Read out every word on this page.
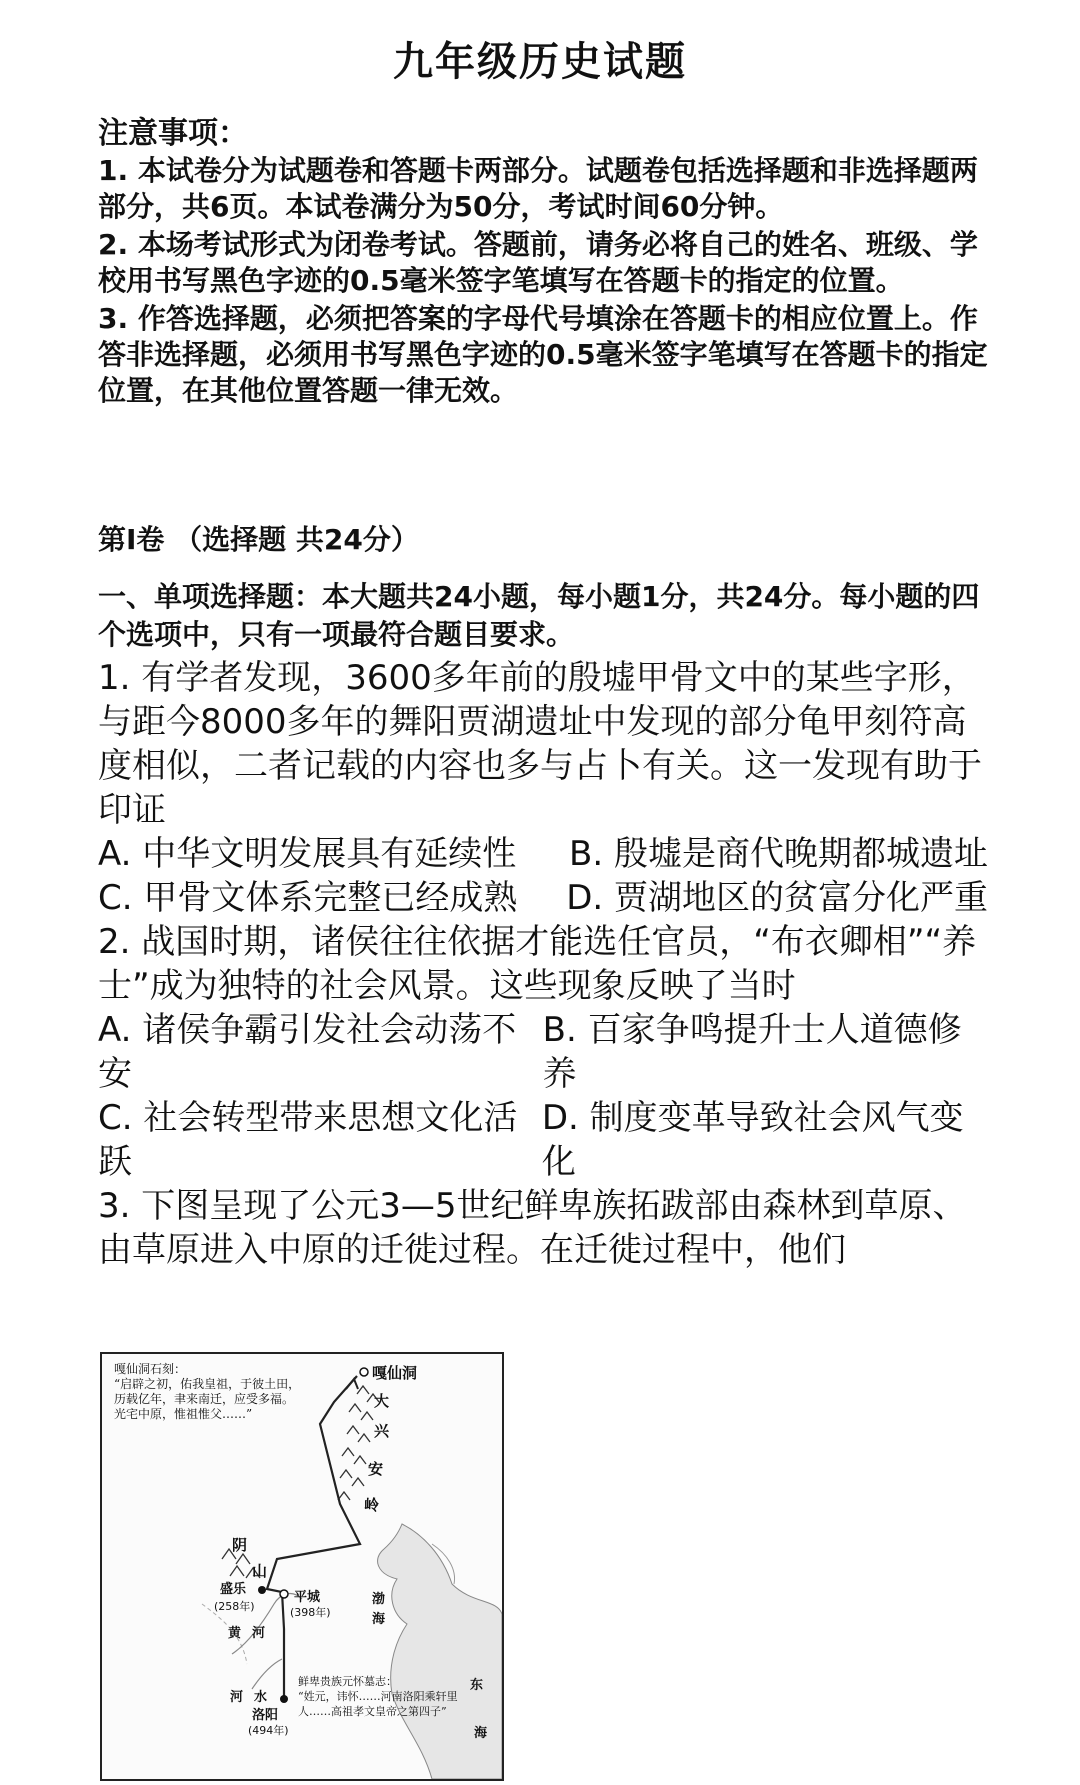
九年级历史试题
注意事项：

1. 本试卷分为试题卷和答题卡两部分。试题卷包括选择题和非选择题两部分，共6页。本试卷满分为50分，考试时间60分钟。

2. 本场考试形式为闭卷考试。答题前，请务必将自己的姓名、班级、学校用书写黑色字迹的0.5毫米签字笔填写在答题卡的指定的位置。

3. 作答选择题，必须把答案的字母代号填涂在答题卡的相应位置上。作答非选择题，必须用书写黑色字迹的0.5毫米签字笔填写在答题卡的指定位置，在其他位置答题一律无效。

第Ⅰ卷 （选择题 共24分）
一、单项选择题：本大题共24小题，每小题1分，共24分。每小题的四个选项中，只有一项最符合题目要求。

1. 有学者发现，3600多年前的殷墟甲骨文中的某些字形，与距今8000多年的舞阳贾湖遗址中发现的部分龟甲刻符高度相似，二者记载的内容也多与占卜有关。这一发现有助于印证

A. 中华文明发展具有延续性 B. 殷墟是商代晚期都城遗址
C. 甲骨文体系完整已经成熟 D. 贾湖地区的贫富分化严重

2. 战国时期，诸侯往往依据才能选任官员，“布衣卿相”“养士”成为独特的社会风景。这些现象反映了当时

A. 诸侯争霸引发社会动荡不安
B. 百家争鸣提升士人道德修养
C. 社会转型带来思想文化活跃
D. 制度变革导致社会风气变化

3. 下图呈现了公元3—5世纪鲜卑族拓跋部由森林到草原、由草原进入中原的迁徙过程。在迁徙过程中，他们

嘎仙洞石刻：
“启辟之初，佑我皇祖，于彼土田，历载亿年，聿来南迁，应受多福。光宅中原，惟祖惟父……”
鲜卑贵族元怀墓志：
“姓元，讳怀……河南洛阳乘轩里人……高祖孝文皇帝之第四子”
嘎仙洞
大
兴
安
岭
阴
山
盛乐
(258年)
平城
(398年)
渤
海
黄 河
河 水
洛阳
(494年)
东
海
